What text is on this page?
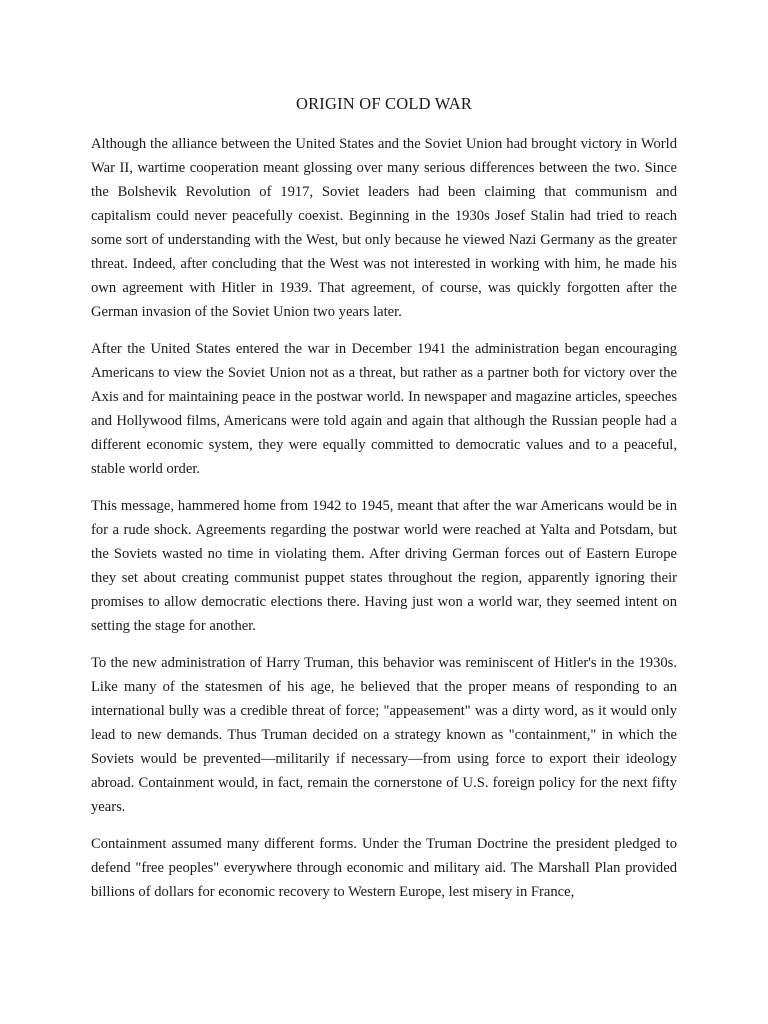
ORIGIN OF COLD WAR

Although the alliance between the United States and the Soviet Union had brought victory in World War II, wartime cooperation meant glossing over many serious differences between the two. Since the Bolshevik Revolution of 1917, Soviet leaders had been claiming that communism and capitalism could never peacefully coexist. Beginning in the 1930s Josef Stalin had tried to reach some sort of understanding with the West, but only because he viewed Nazi Germany as the greater threat. Indeed, after concluding that the West was not interested in working with him, he made his own agreement with Hitler in 1939. That agreement, of course, was quickly forgotten after the German invasion of the Soviet Union two years later.

After the United States entered the war in December 1941 the administration began encouraging Americans to view the Soviet Union not as a threat, but rather as a partner both for victory over the Axis and for maintaining peace in the postwar world. In newspaper and magazine articles, speeches and Hollywood films, Americans were told again and again that although the Russian people had a different economic system, they were equally committed to democratic values and to a peaceful, stable world order.

This message, hammered home from 1942 to 1945, meant that after the war Americans would be in for a rude shock. Agreements regarding the postwar world were reached at Yalta and Potsdam, but the Soviets wasted no time in violating them. After driving German forces out of Eastern Europe they set about creating communist puppet states throughout the region, apparently ignoring their promises to allow democratic elections there. Having just won a world war, they seemed intent on setting the stage for another.

To the new administration of Harry Truman, this behavior was reminiscent of Hitler's in the 1930s. Like many of the statesmen of his age, he believed that the proper means of responding to an international bully was a credible threat of force; "appeasement" was a dirty word, as it would only lead to new demands. Thus Truman decided on a strategy known as "containment," in which the Soviets would be prevented—militarily if necessary—from using force to export their ideology abroad. Containment would, in fact, remain the cornerstone of U.S. foreign policy for the next fifty years.

Containment assumed many different forms. Under the Truman Doctrine the president pledged to defend "free peoples" everywhere through economic and military aid. The Marshall Plan provided billions of dollars for economic recovery to Western Europe, lest misery in France,
